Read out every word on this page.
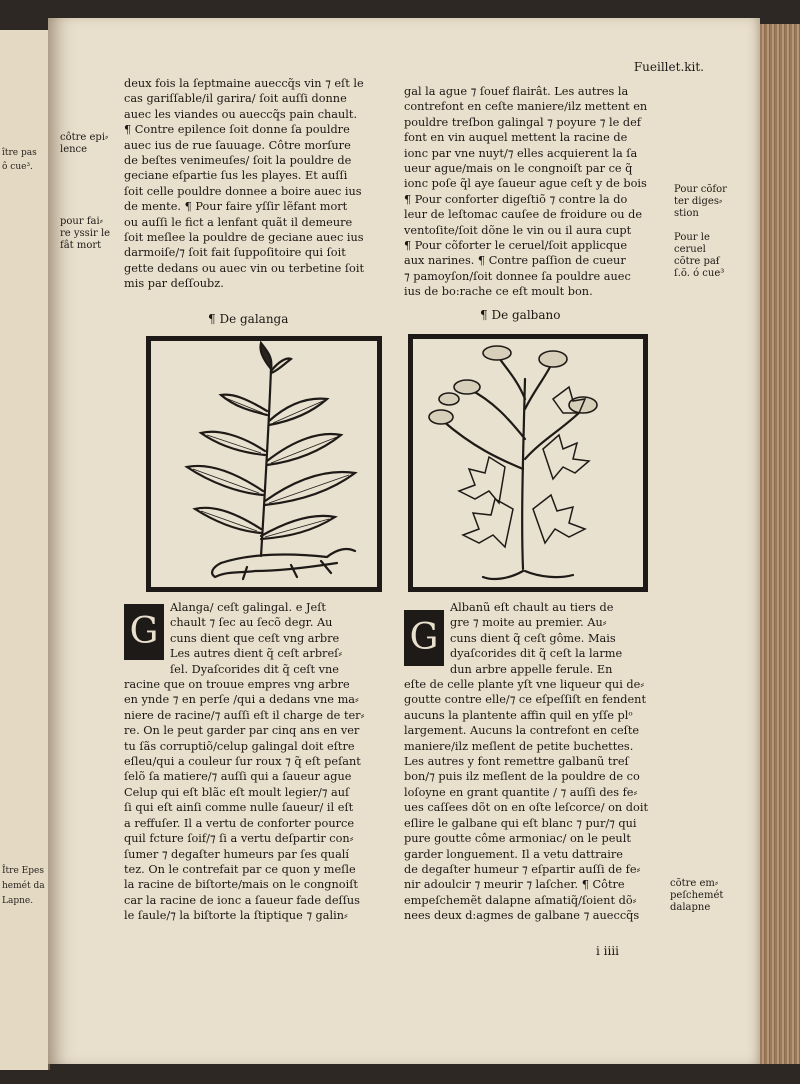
ître pas
ô cue³.
Ître Epes
hemét da
Lapne.
Fueillet.kit.
côtre epi⸗
lence
pour fai⸗
re yssir le
fât mort
Pour cõfor
ter diges⸗
stion
Pour le
ceruel
cõtre paẜ
ſ.õ. ó cue³
cõtre em⸗
peſchemét
dalapne

deux fois la ſeptmaine aueccq̃s vin ⁊ eſt le

cas gariſſable/il garira/ ſoit auſſi donne

auec les viandes ou aueccq̃s pain chault.

¶ Contre epilence ſoit donne ſa pouldre

auec ius de rue ſauuage. Côtre morſure

de beſtes venimeuſes/ ſoit la pouldre de

geciane eſpartie ſus les playes. Et auſſi

ſoit celle pouldre donnee a boire auec ius

de mente. ¶ Pour faire yſſir lẽfant mort

ou auſſi le fict a lenfant quãt il demeure

ſoit meſlee la pouldre de geciane auec ius

darmoiſe/⁊ ſoit fait ſuppoſitoire qui ſoit

gette dedans ou auec vin ou terbetine ſoit

mis par deſſoubz.

gal la ague ⁊ ſouef flairât. Les autres la

contrefont en ceſte maniere/ilz mettent en

pouldre treſbon galingal ⁊ poyure ⁊ le def

font en vin auquel mettent la racine de

ionc par vne nuyt/⁊ elles acquierent la ſa

ueur ague/mais on le congnoiſt par ce q̃

ionc poſe q̃l aye ſaueur ague ceſt y de bois

¶ Pour conforter digeſtiõ ⁊ contre la do

leur de leſtomac cauſee de froidure ou de

ventoſite/ſoit dõne le vin ou il aura cupt

¶ Pour cõforter le ceruel/ſoit applicque

aux narines. ¶ Contre paſſion de cueur

⁊ pamoyſon/ſoit donnee ſa pouldre auec

ius de bo:rache ce eſt moult bon.

¶ De galanga	¶ De galbano
G

Alanga/ ceſt galingal. e Jeſt

chault ⁊ ſec au ſecõ degr. Au

cuns dient que ceſt vng arbre

Les autres dient q̃ ceſt arbreſ⸗

ſel. Dyaſcorides dit q̃ ceſt vne

racine que on trouue empres vng arbre

en ynde ⁊ en perſe /qui a dedans vne ma⸗

niere de racine/⁊ auſſi eſt il charge de ter⸗

re. On le peut garder par cinq ans en ver

tu ſãs corruptiõ/celup galingal doit eſtre

eſleu/qui a couleur ſur roux ⁊ q̃ eſt peſant

ſelõ ſa matiere/⁊ auſſi qui a ſaueur ague

Celup qui eſt blãc eſt moult legier/⁊ auſ

ſi qui eſt ainſi comme nulle ſaueur/ il eſt

a reffuſer. Il a vertu de conforter pource

quil fcture ſoif/⁊ ſi a vertu deſpartir con⸗

ſumer ⁊ degaſter humeurs par ſes qualí

tez. On le contrefait par ce quon y meſle

la racine de biſtorte/mais on le congnoiſt

car la racine de ionc a ſaueur fade deſſus

le ſaule/⁊ la biſtorte la ſtiptique ⁊ galin⸗

G

Albanũ eſt chault au tiers de

gre ⁊ moite au premier. Au⸗

cuns dient q̃ ceſt gôme. Mais

dyaſcorides dit q̃ ceſt la larme

dun arbre appelle ferule. En

eſte de celle plante yſt vne liqueur qui de⸗

goutte contre elle/⁊ ce eſpeſſiſt en fendent

aucuns la plantente affin quil en yſſe plᵒ

largement. Aucuns la contrefont en ceſte

maniere/ilz meſlent de petite buchettes.

Les autres y font remettre galbanũ treſ

bon/⁊ puis ilz meſlent de la pouldre de co

loſoyne en grant quantite / ⁊ auſſi des fe⸗

ues caſſees dõt on en oſte leſcorce/ on doit

eſlire le galbane qui eſt blanc ⁊ pur/⁊ qui

pure goutte côme armoniac/ on le peult

garder longuement. Il a vetu dattraire

de degaſter humeur ⁊ eſpartir auſſi de fe⸗

nir adoulcir ⁊ meurir ⁊ laſcher. ¶ Côtre

empeſchemẽt dalapne aſmatiq̃/ſoient dõ⸗

nees deux d:agmes de galbane ⁊ aueccq̃s

i iiii
